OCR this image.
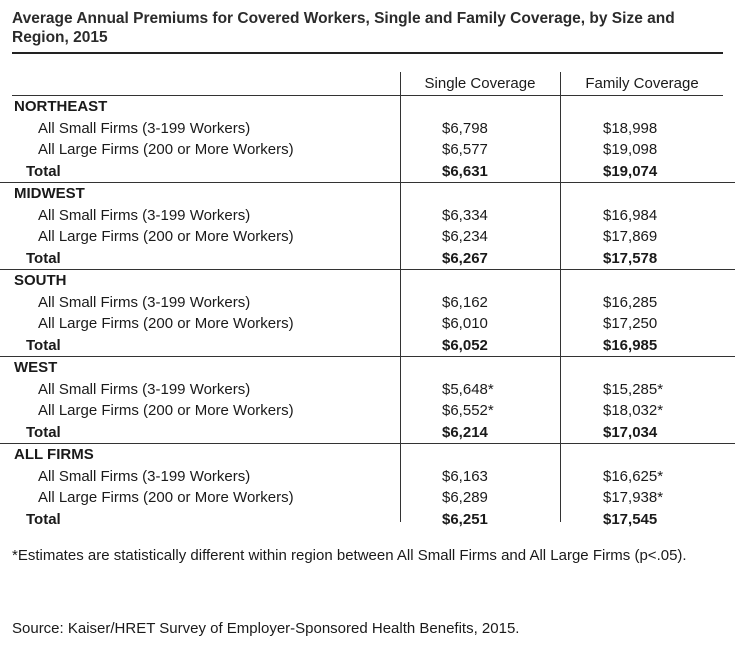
Average Annual Premiums for Covered Workers, Single and Family Coverage, by Size and Region, 2015
Single Coverage	Family Coverage
NORTHEAST
All Small Firms (3-199 Workers)	$6,798	$18,998
All Large Firms (200 or More Workers)	$6,577	$19,098
Total	$6,631	$19,074
MIDWEST
All Small Firms (3-199 Workers)	$6,334	$16,984
All Large Firms (200 or More Workers)	$6,234	$17,869
Total	$6,267	$17,578
SOUTH
All Small Firms (3-199 Workers)	$6,162	$16,285
All Large Firms (200 or More Workers)	$6,010	$17,250
Total	$6,052	$16,985
WEST
All Small Firms (3-199 Workers)	$5,648*	$15,285*
All Large Firms (200 or More Workers)	$6,552*	$18,032*
Total	$6,214	$17,034
ALL FIRMS
All Small Firms (3-199 Workers)	$6,163	$16,625*
All Large Firms (200 or More Workers)	$6,289	$17,938*
Total	$6,251	$17,545
*Estimates are statistically different within region between All Small Firms and All Large Firms (p<.05).
Source: Kaiser/HRET Survey of Employer-Sponsored Health Benefits, 2015.
